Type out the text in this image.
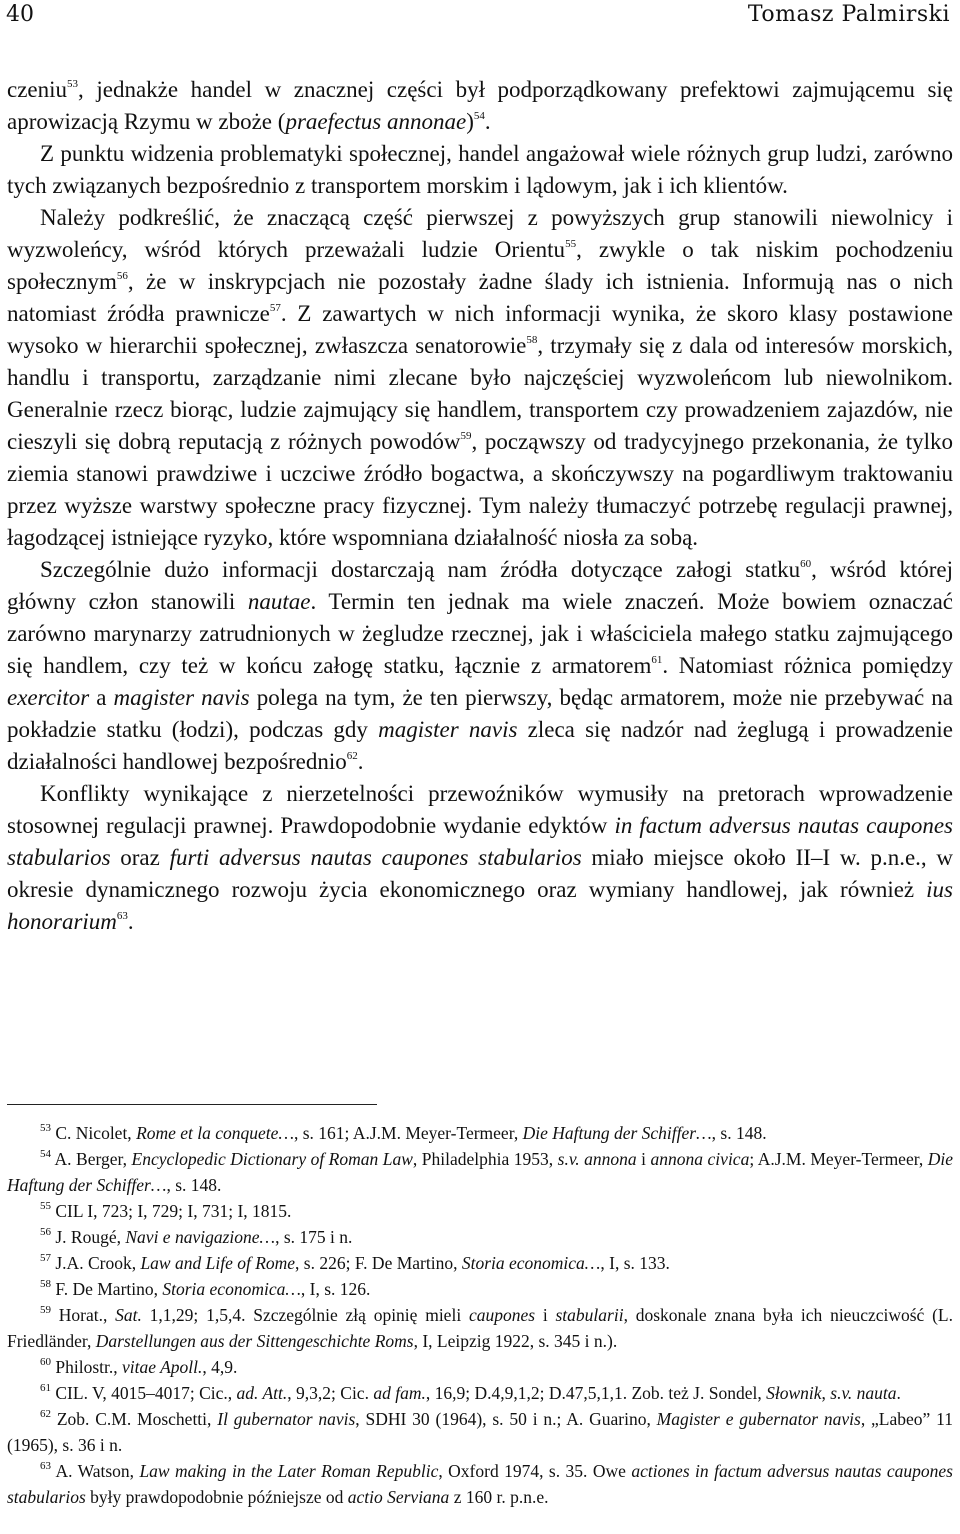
40	Tomasz Palmirski

czeniu$^{53}$, jednakże handel w znacznej części był podporządkowany prefektowi zajmującemu się aprowizacją Rzymu w zboże (praefectus annonae)$^{54}$.

Z punktu widzenia problematyki społecznej, handel angażował wiele różnych grup ludzi, zarówno tych związanych bezpośrednio z transportem morskim i lądowym, jak i ich klientów.

Należy podkreślić, że znaczącą część pierwszej z powyższych grup stanowili niewolnicy i wyzwoleńcy, wśród których przeważali ludzie Orientu$^{55}$, zwykle o tak niskim pochodzeniu społecznym$^{56}$, że w inskrypcjach nie pozostały żadne ślady ich istnienia. Informują nas o nich natomiast źródła prawnicze$^{57}$. Z zawartych w nich informacji wynika, że skoro klasy postawione wysoko w hierarchii społecznej, zwłaszcza senatorowie$^{58}$, trzymały się z dala od interesów morskich, handlu i transportu, zarządzanie nimi zlecane było najczęściej wyzwoleńcom lub niewolnikom. Generalnie rzecz biorąc, ludzie zajmujący się handlem, transportem czy prowadzeniem zajazdów, nie cieszyli się dobrą reputacją z różnych powodów$^{59}$, począwszy od tradycyjnego przekonania, że tylko ziemia stanowi prawdziwe i uczciwe źródło bogactwa, a skończywszy na pogardliwym traktowaniu przez wyższe warstwy społeczne pracy fizycznej. Tym należy tłumaczyć potrzebę regulacji prawnej, łagodzącej istniejące ryzyko, które wspomniana działalność niosła za sobą.

Szczególnie dużo informacji dostarczają nam źródła dotyczące załogi statku$^{60}$, wśród której główny człon stanowili nautae. Termin ten jednak ma wiele znaczeń. Może bowiem oznaczać zarówno marynarzy zatrudnionych w żegludze rzecznej, jak i właściciela małego statku zajmującego się handlem, czy też w końcu załogę statku, łącznie z armatorem$^{61}$. Natomiast różnica pomiędzy exercitor a magister navis polega na tym, że ten pierwszy, będąc armatorem, może nie przebywać na pokładzie statku (łodzi), podczas gdy magister navis zleca się nadzór nad żeglugą i prowadzenie działalności handlowej bezpośrednio$^{62}$.

Konflikty wynikające z nierzetelności przewoźników wymusiły na pretorach wprowadzenie stosownej regulacji prawnej. Prawdopodobnie wydanie edyktów in factum adversus nautas caupones stabularios oraz furti adversus nautas caupones stabularios miało miejsce około II–I w. p.n.e., w okresie dynamicznego rozwoju życia ekonomicznego oraz wymiany handlowej, jak również ius honorarium$^{63}$.

$^{53}$ C. Nicolet, Rome et la conquete…, s. 161; A.J.M. Meyer-Termeer, Die Haftung der Schiffer…, s. 148.

$^{54}$ A. Berger, Encyclopedic Dictionary of Roman Law, Philadelphia 1953, s.v. annona i annona civica; A.J.M. Meyer-Termeer, Die Haftung der Schiffer…, s. 148.

$^{55}$ CIL I, 723; I, 729; I, 731; I, 1815.

$^{56}$ J. Rougé, Navi e navigazione…, s. 175 i n.

$^{57}$ J.A. Crook, Law and Life of Rome, s. 226; F. De Martino, Storia economica…, I, s. 133.

$^{58}$ F. De Martino, Storia economica…, I, s. 126.

$^{59}$ Horat., Sat. 1,1,29; 1,5,4. Szczególnie złą opinię mieli caupones i stabularii, doskonale znana była ich nieuczciwość (L. Friedländer, Darstellungen aus der Sittengeschichte Roms, I, Leipzig 1922, s. 345 i n.).

$^{60}$ Philostr., vitae Apoll., 4,9.

$^{61}$ CIL. V, 4015–4017; Cic., ad. Att., 9,3,2; Cic. ad fam., 16,9; D.4,9,1,2; D.47,5,1,1. Zob. też J. Sondel, Słownik, s.v. nauta.

$^{62}$ Zob. C.M. Moschetti, Il gubernator navis, SDHI 30 (1964), s. 50 i n.; A. Guarino, Magister e gubernator navis, „Labeo” 11 (1965), s. 36 i n.

$^{63}$ A. Watson, Law making in the Later Roman Republic, Oxford 1974, s. 35. Owe actiones in factum adversus nautas caupones stabularios były prawdopodobnie późniejsze od actio Serviana z 160 r. p.n.e.
